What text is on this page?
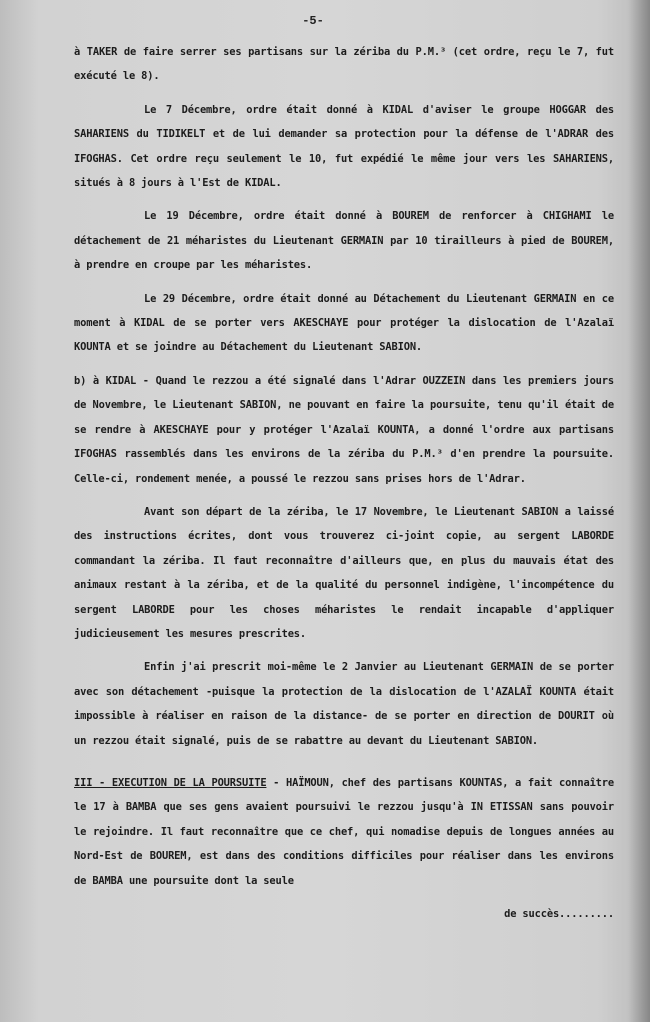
-5-

à TAKER de faire serrer ses partisans sur la zériba du P.M.³ (cet ordre, reçu le 7, fut exécuté le 8).

Le 7 Décembre, ordre était donné à KIDAL d'aviser le groupe HOGGAR des SAHARIENS du TIDIKELT et de lui demander sa protection pour la défense de l'ADRAR des IFOGHAS. Cet ordre reçu seulement le 10, fut expédié le même jour vers les SAHARIENS, situés à 8 jours à l'Est de KIDAL.

Le 19 Décembre, ordre était donné à BOUREM de renforcer à CHIGHAMI le détachement de 21 méharistes du Lieutenant GERMAIN par 10 tirailleurs à pied de BOUREM, à prendre en croupe par les méharistes.

Le 29 Décembre, ordre était donné au Détachement du Lieutenant GERMAIN en ce moment à KIDAL de se porter vers AKESCHAYE pour protéger la dislocation de l'Azalaï KOUNTA et se joindre au Détachement du Lieutenant SABION.

b) à KIDAL - Quand le rezzou a été signalé dans l'Adrar OUZZEIN dans les premiers jours de Novembre, le Lieutenant SABION, ne pouvant en faire la poursuite, tenu qu'il était de se rendre à AKESCHAYE pour y protéger l'Azalaï KOUNTA, a donné l'ordre aux partisans IFOGHAS rassemblés dans les environs de la zériba du P.M.³ d'en prendre la poursuite. Celle-ci, rondement menée, a poussé le rezzou sans prises hors de l'Adrar.

Avant son départ de la zériba, le 17 Novembre, le Lieutenant SABION a laissé des instructions écrites, dont vous trouverez ci-joint copie, au sergent LABORDE commandant la zériba. Il faut reconnaître d'ailleurs que, en plus du mauvais état des animaux restant à la zériba, et de la qualité du personnel indigène, l'incompétence du sergent LABORDE pour les choses méharistes le rendait incapable d'appliquer judicieusement les mesures prescrites.

Enfin j'ai prescrit moi-même le 2 Janvier au Lieutenant GERMAIN de se porter avec son détachement -puisque la protection de la dislocation de l'AZALAÏ KOUNTA était impossible à réaliser en raison de la distance- de se porter en direction de DOURIT où un rezzou était signalé, puis de se rabattre au devant du Lieutenant SABION.

III - EXECUTION DE LA POURSUITE - HAÏMOUN, chef des partisans KOUNTAS, a fait connaître le 17 à BAMBA que ses gens avaient poursuivi le rezzou jusqu'à IN ETISSAN sans pouvoir le rejoindre. Il faut reconnaître que ce chef, qui nomadise depuis de longues années au Nord-Est de BOUREM, est dans des conditions difficiles pour réaliser dans les environs de BAMBA une poursuite dont la seule

de succès.........
